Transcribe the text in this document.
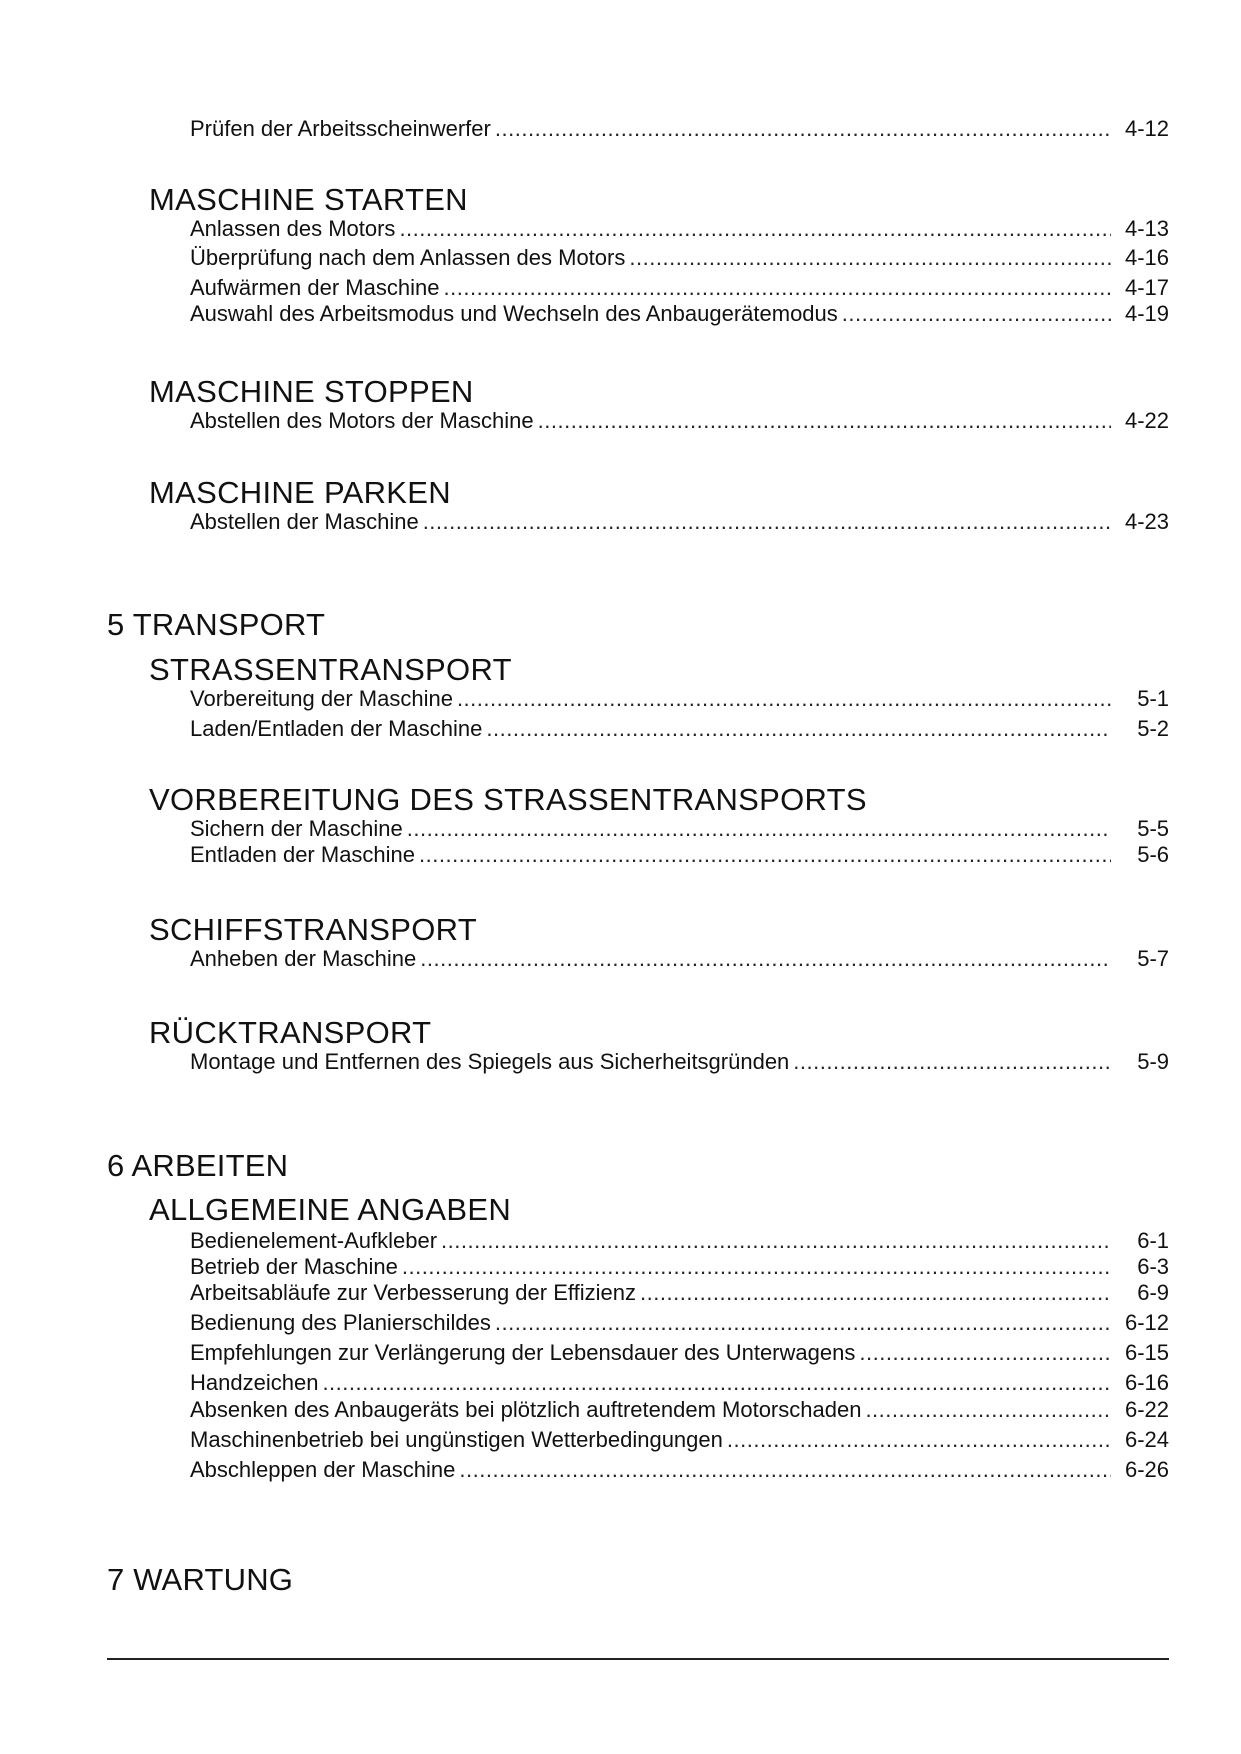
Prüfen der Arbeitsscheinwerfer . . .	4-12
MASCHINE STARTEN
Anlassen des Motors . . .	4-13
Überprüfung nach dem Anlassen des Motors . . .	4-16
Aufwärmen der Maschine . . .	4-17
Auswahl des Arbeitsmodus und Wechseln des Anbaugerätemodus . . .	4-19
MASCHINE STOPPEN
Abstellen des Motors der Maschine . . .	4-22
MASCHINE PARKEN
Abstellen der Maschine . . .	4-23
5 TRANSPORT
STRASSENTRANSPORT
Vorbereitung der Maschine . . .	5-1
Laden/Entladen der Maschine . . .	5-2
VORBEREITUNG DES STRASSENTRANSPORTS
Sichern der Maschine . . .	5-5
Entladen der Maschine . . .	5-6
SCHIFFSTRANSPORT
Anheben der Maschine . . .	5-7
RÜCKTRANSPORT
Montage und Entfernen des Spiegels aus Sicherheitsgründen . . .	5-9
6 ARBEITEN
ALLGEMEINE ANGABEN
Bedienelement-Aufkleber . . .	6-1
Betrieb der Maschine . . .	6-3
Arbeitsabläufe zur Verbesserung der Effizienz . . .	6-9
Bedienung des Planierschildes . . .	6-12
Empfehlungen zur Verlängerung der Lebensdauer des Unterwagens . . .	6-15
Handzeichen . . .	6-16
Absenken des Anbaugeräts bei plötzlich auftretendem Motorschaden . . .	6-22
Maschinenbetrieb bei ungünstigen Wetterbedingungen . . .	6-24
Abschleppen der Maschine . . .	6-26
7 WARTUNG
